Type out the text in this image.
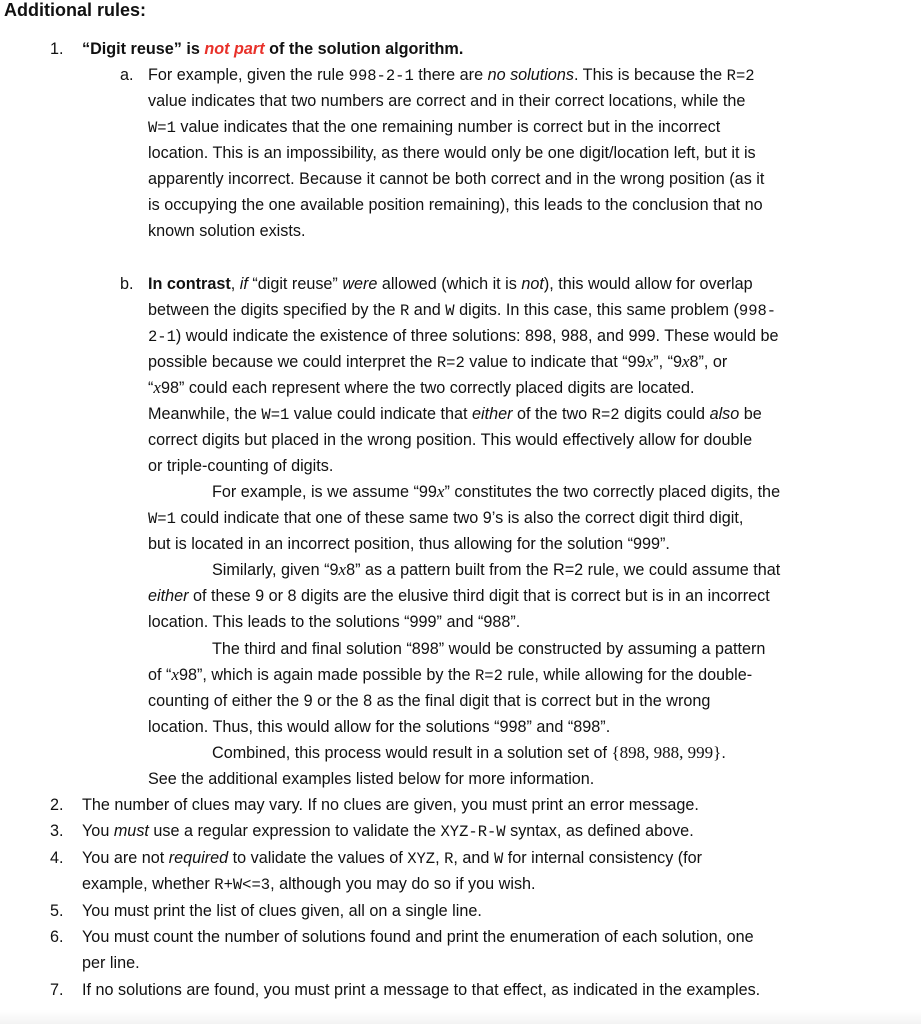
Additional rules:
1. “Digit reuse” is not part of the solution algorithm.
a. For example, given the rule 998-2-1 there are no solutions. This is because the R=2
value indicates that two numbers are correct and in their correct locations, while the
W=1 value indicates that the one remaining number is correct but in the incorrect
location. This is an impossibility, as there would only be one digit/location left, but it is
apparently incorrect. Because it cannot be both correct and in the wrong position (as it
is occupying the one available position remaining), this leads to the conclusion that no
known solution exists.
b. In contrast, if “digit reuse” were allowed (which it is not), this would allow for overlap
between the digits specified by the R and W digits. In this case, this same problem (998-
2-1) would indicate the existence of three solutions: 898, 988, and 999. These would be
possible because we could interpret the R=2 value to indicate that “99x”, “9x8”, or
“x98” could each represent where the two correctly placed digits are located.
Meanwhile, the W=1 value could indicate that either of the two R=2 digits could also be
correct digits but placed in the wrong position. This would effectively allow for double
or triple-counting of digits.
For example, is we assume “99x” constitutes the two correctly placed digits, the
W=1 could indicate that one of these same two 9’s is also the correct digit third digit,
but is located in an incorrect position, thus allowing for the solution “999”.
Similarly, given “9x8” as a pattern built from the R=2 rule, we could assume that
either of these 9 or 8 digits are the elusive third digit that is correct but is in an incorrect
location. This leads to the solutions “999” and “988”.
The third and final solution “898” would be constructed by assuming a pattern
of “x98”, which is again made possible by the R=2 rule, while allowing for the double-
counting of either the 9 or the 8 as the final digit that is correct but in the wrong
location. Thus, this would allow for the solutions “998” and “898”.
Combined, this process would result in a solution set of {898, 988, 999}.
See the additional examples listed below for more information.
2. The number of clues may vary. If no clues are given, you must print an error message.
3. You must use a regular expression to validate the XYZ-R-W syntax, as defined above.
4. You are not required to validate the values of XYZ, R, and W for internal consistency (for
example, whether R+W<=3, although you may do so if you wish.
5. You must print the list of clues given, all on a single line.
6. You must count the number of solutions found and print the enumeration of each solution, one
per line.
7. If no solutions are found, you must print a message to that effect, as indicated in the examples.
